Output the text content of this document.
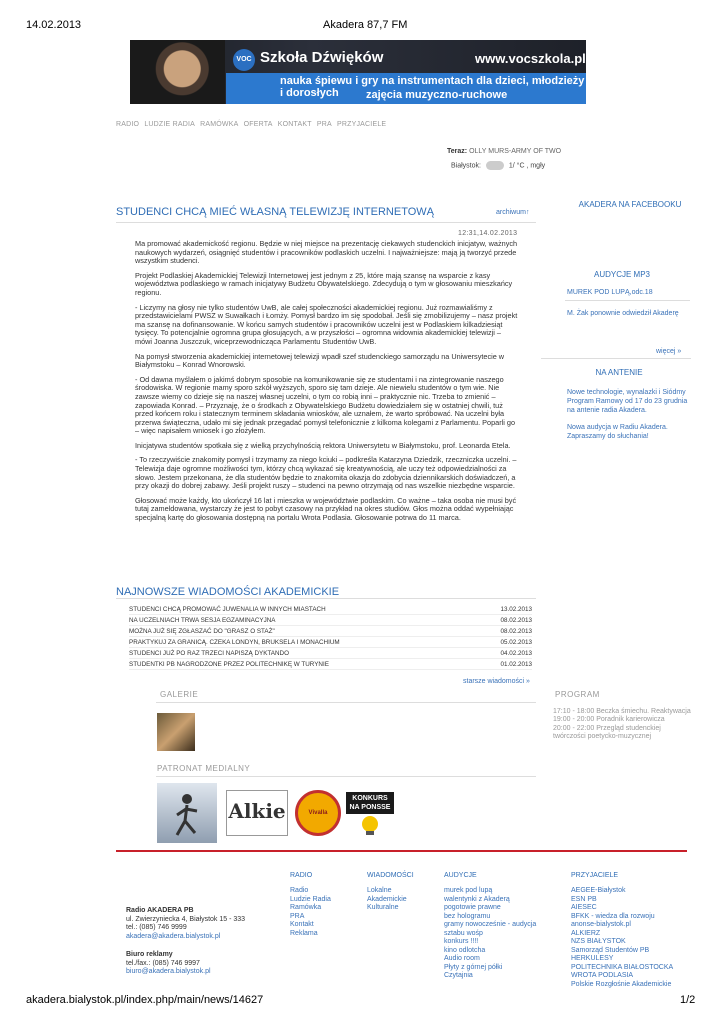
14.02.2013	Akadera 87,7 FM
VOC Szkoła Dźwięków	www.vocszkola.pl
nauka śpiewu i gry na instrumentach dla dzieci, młodzieży i dorosłych	zajęcia muzyczno-ruchowe
RADIO LUDZIE RADIA RAMÓWKA OFERTA KONTAKT PRA PRZYJACIELE
Teraz: OLLY MURS-ARMY OF TWO
Białystok:	1/ °C , mgły
STUDENCI CHCĄ MIEĆ WŁASNĄ TELEWIZJĘ INTERNETOWĄ	archiwum↑
12:31,14.02.2013

Ma promować akademickość regionu. Będzie w niej miejsce na prezentację ciekawych studenckich inicjatyw, ważnych naukowych wydarzeń, osiągnięć studentów i pracowników podlaskich uczelni. I najważniejsze: mają ją tworzyć przede wszystkim studenci.

Projekt Podlaskiej Akademickiej Telewizji Internetowej jest jednym z 25, które mają szansę na wsparcie z kasy województwa podlaskiego w ramach inicjatywy Budżetu Obywatelskiego. Zdecydują o tym w głosowaniu mieszkańcy regionu.

- Liczymy na głosy nie tylko studentów UwB, ale całej społeczności akademickiej regionu. Już rozmawialiśmy z przedstawicielami PWSZ w Suwałkach i Łomży. Pomysł bardzo im się spodobał. Jeśli się zmobilizujemy – nasz projekt ma szansę na dofinansowanie. W końcu samych studentów i pracowników uczelni jest w Podlaskiem kilkadziesiąt tysięcy. To potencjalnie ogromna grupa głosujących, a w przyszłości – ogromna widownia akademickiej telewizji – mówi Joanna Juszczuk, wiceprzewodnicząca Parlamentu Studentów UwB.

Na pomysł stworzenia akademickiej internetowej telewizji wpadł szef studenckiego samorządu na Uniwersytecie w Białymstoku – Konrad Wnorowski.

- Od dawna myślałem o jakimś dobrym sposobie na komunikowanie się ze studentami i na zintegrowanie naszego środowiska. W regionie mamy sporo szkół wyższych, sporo się tam dzieje. Ale niewielu studentów o tym wie. Nie zawsze wiemy co dzieje się na naszej własnej uczelni, o tym co robią inni – praktycznie nic. Trzeba to zmienić – zapowiada Konrad. – Przyznaję, że o środkach z Obywatelskiego Budżetu dowiedziałem się w ostatniej chwili, tuż przed końcem roku i statecznym terminem składania wniosków, ale uznałem, że warto spróbować. Na uczelni była przerwa świąteczna, udało mi się jednak przegadać pomysł telefonicznie z kilkoma kolegami z Parlamentu. Poparli go – więc napisałem wniosek i go złożyłem.

Inicjatywa studentów spotkała się z wielką przychylnością rektora Uniwersytetu w Białymstoku, prof. Leonarda Etela.

- To rzeczywiście znakomity pomysł i trzymamy za niego kciuki – podkreśla Katarzyna Dziedzik, rzeczniczka uczelni. – Telewizja daje ogromne możliwości tym, którzy chcą wykazać się kreatywnością, ale uczy też odpowiedzialności za słowo. Jestem przekonana, że dla studentów będzie to znakomita okazja do zdobycia dziennikarskich doświadczeń, a przy okazji do dobrej zabawy. Jeśli projekt ruszy – studenci na pewno otrzymają od nas wszelkie niezbędne wsparcie.

Głosować może każdy, kto ukończył 16 lat i mieszka w województwie podlaskim. Co ważne – taka osoba nie musi być tutaj zameldowana, wystarczy że jest to pobyt czasowy na przykład na okres studiów. Głos można oddać wypełniając specjalną kartę do głosowania dostępną na portalu Wrota Podlasia. Głosowanie potrwa do 11 marca.

AKADERA NA FACEBOOKU
AUDYCJE MP3
MUREK POD LUPĄ,odc.18
M. Żak ponownie odwiedził Akaderę
więcej »
NA ANTENIE
Nowe technologie, wynalazki i Siódmy Program Ramowy od 17 do 23 grudnia na antenie radia Akadera.
Nowa audycja w Radiu Akadera. Zapraszamy do słuchania!
NAJNOWSZE WIADOMOŚCI AKADEMICKIE
STUDENCI CHCĄ PROMOWAĆ JUWENALIA W INNYCH MIASTACH	13.02.2013
NA UCZELNIACH TRWA SESJA EGZAMINACYJNA	08.02.2013
MOŻNA JUŻ SIĘ ZGŁASZAĆ DO "GRASZ O STAŻ"	08.02.2013
PRAKTYKUJ ZA GRANICĄ. CZEKA LONDYN, BRUKSELA I MONACHIUM	05.02.2013
STUDENCI JUŻ PO RAZ TRZECI NAPISZĄ DYKTANDO	04.02.2013
STUDENTKI PB NAGRODZONE PRZEZ POLITECHNIKĘ W TURYNIE	01.02.2013
starsze wiadomości »
GALERIE	PROGRAM
17:10 - 18:00 Beczka śmiechu. Reaktywacja
19:00 - 20:00 Poradnik karierowicza
20:00 - 22:00 Przegląd studenckiej twórczości poetycko-muzycznej
PATRONAT MEDIALNY
Alkie	Vivalla
KONKURS NA PONSSE
Radio AKADERA PB
ul. Zwierzyniecka 4, Białystok 15 - 333
tel.: (085) 746 9999
akadera@akadera.bialystok.pl
Biuro reklamy
tel./fax.: (085) 746 9997
biuro@akadera.bialystok.pl
RADIO
Radio
Ludzie Radia
Ramówka
PRA
Kontakt
Reklama
WIADOMOŚCI
Lokalne
Akademickie
Kulturalne
AUDYCJE
murek pod lupą
walentynki z Akaderą
pogotowie prawne
bez hologramu
gramy nowocześnie - audycja
sztabu wośp
konkurs !!!!
kino odlotcha
Audio room
Płyty z górnej półki
Czytajnia
PRZYJACIELE
AEGEE-Białystok
ESN PB
AIESEC
BFKK - wiedza dla rozwoju
anonse-bialystok.pl
ALKIERZ
NZS BIAŁYSTOK
Samorząd Studentów PB
HERKULESY
POLITECHNIKA BIAŁOSTOCKA
WROTA PODLASIA
Polskie Rozgłośnie Akademickie
akadera.bialystok.pl/index.php/main/news/14627	1/2
